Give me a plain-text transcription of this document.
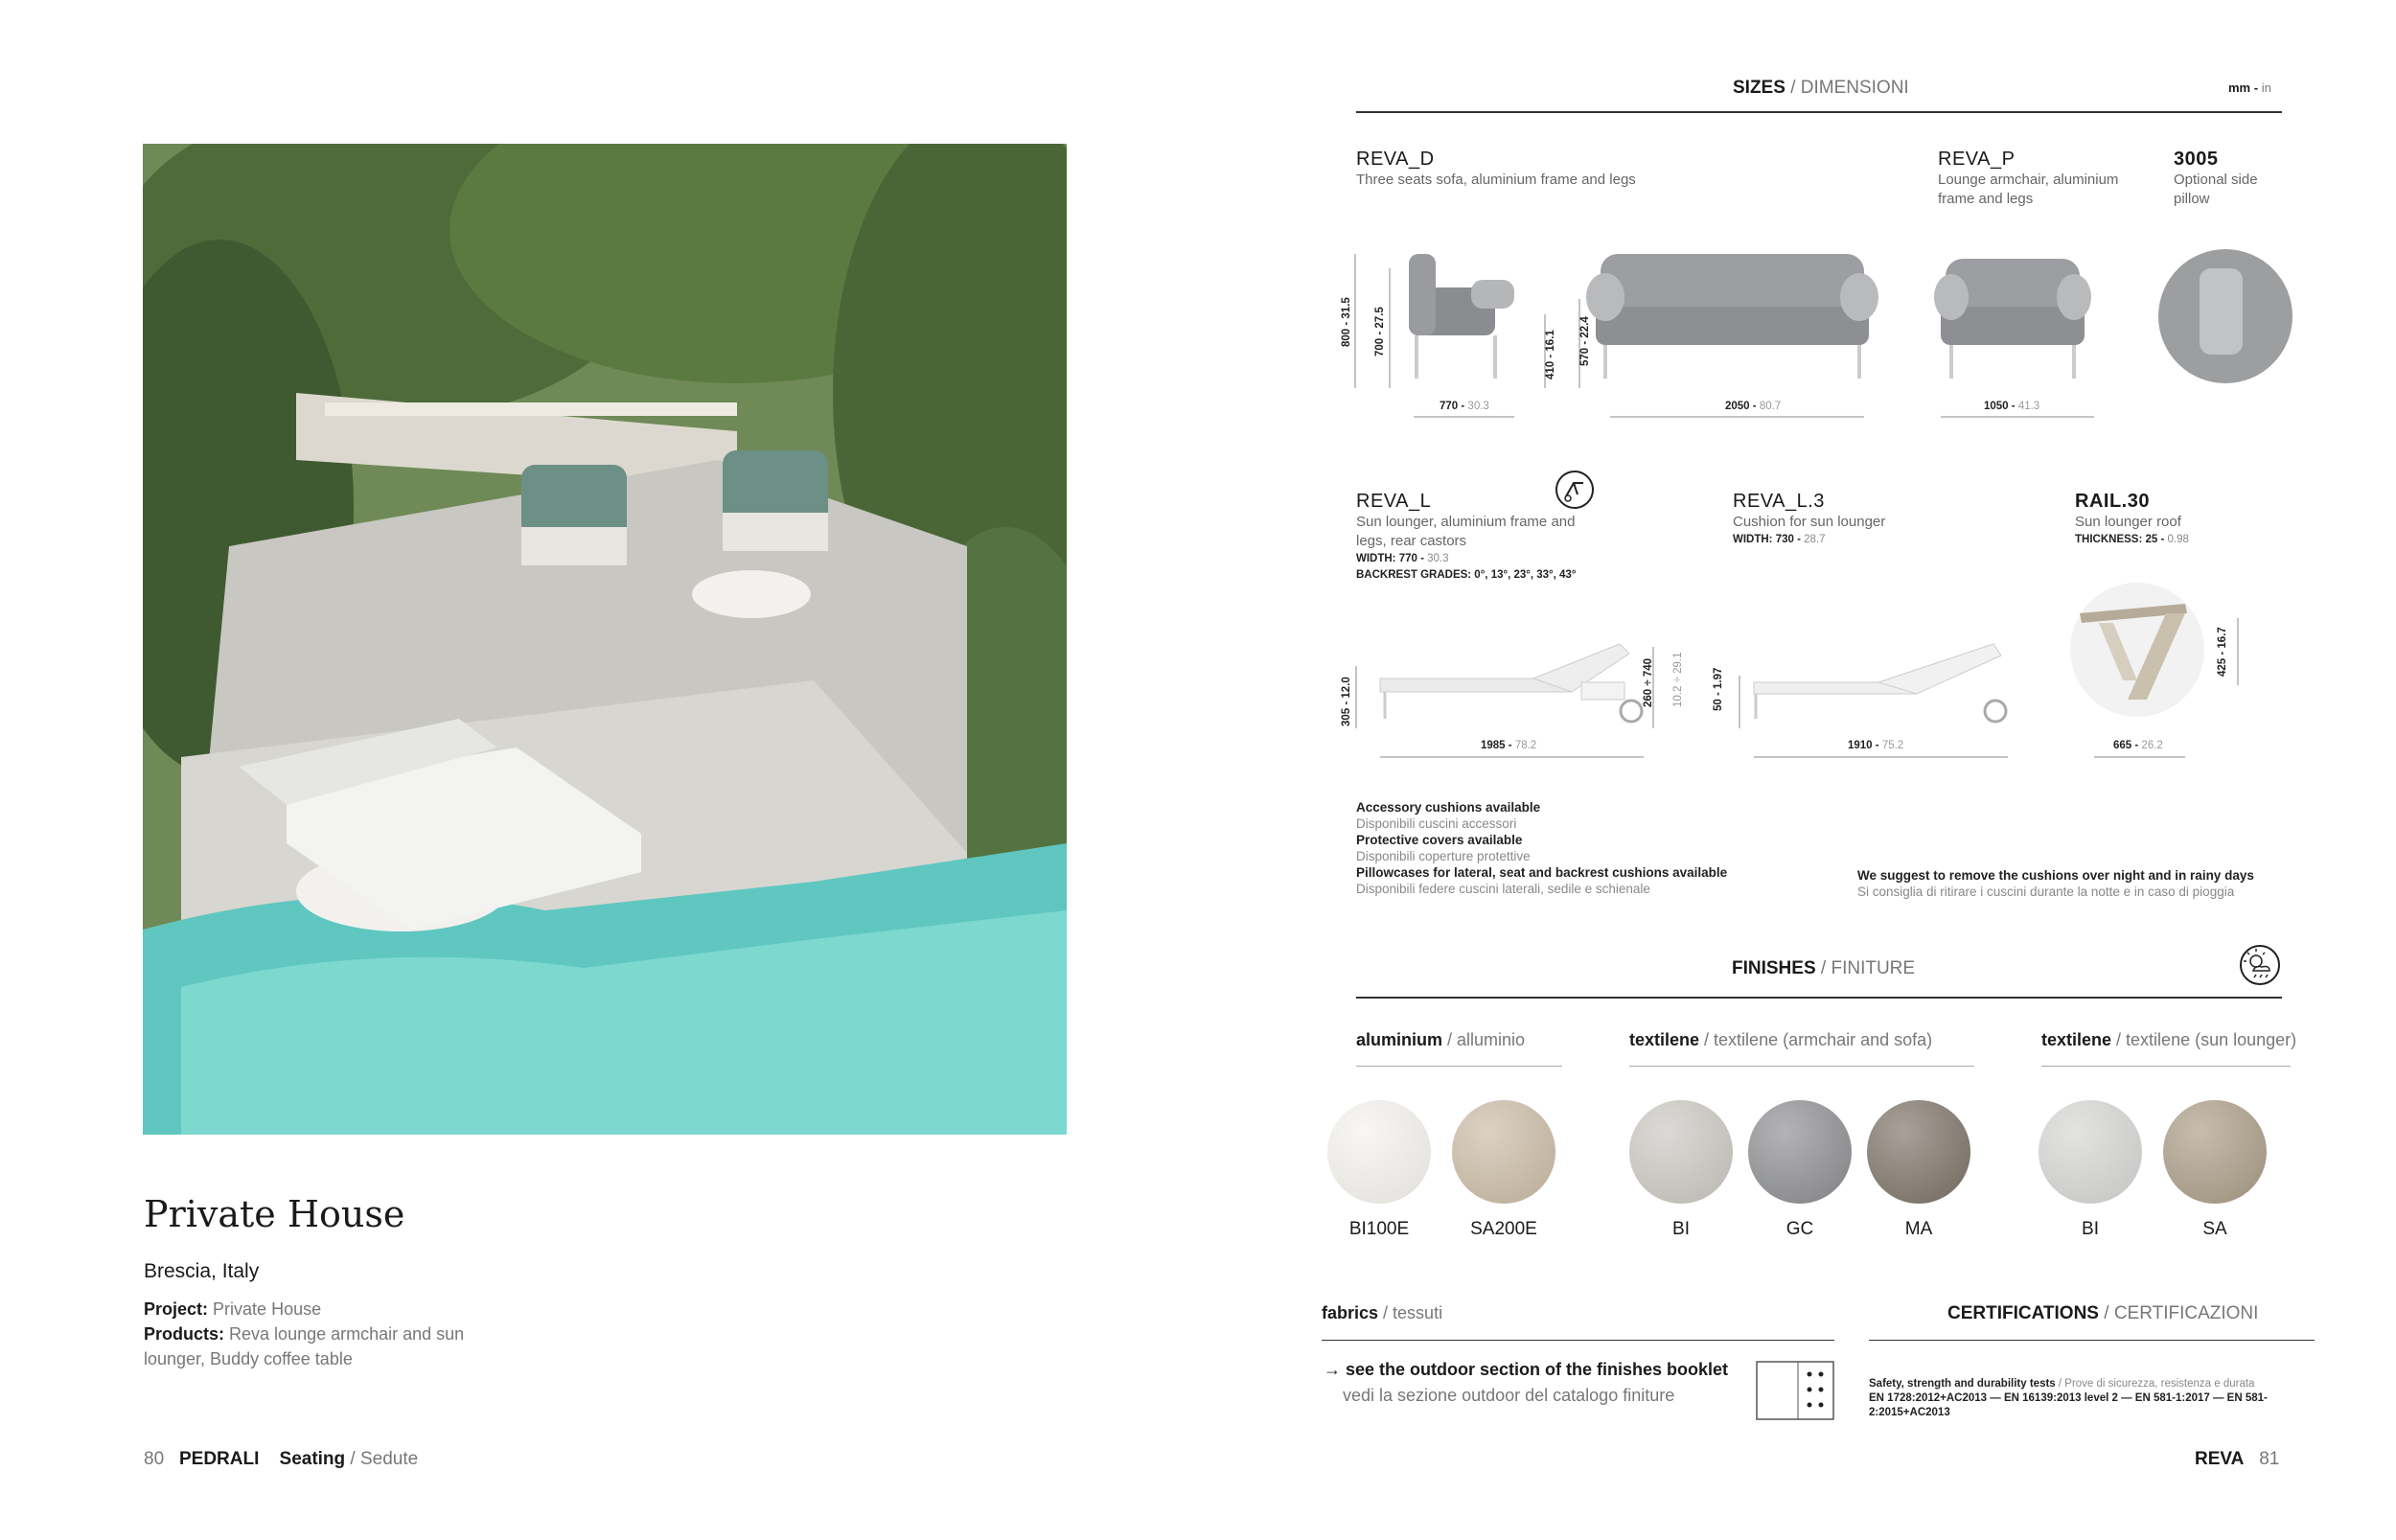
Private House
Brescia, Italy
Project: Private House
Products: Reva lounge armchair and sun lounger, Buddy coffee table
80 PEDRALI Seating / Sedute
SIZES / DIMENSIONI	mm - in
REVA_D
Three seats sofa, aluminium frame and legs
REVA_P
Lounge armchair, aluminium frame and legs
3005
Optional side pillow
800 - 31.5 700 - 27.5	410 - 16.1 570 - 22.4
770 - 30.3	2050 - 80.7	1050 - 41.3
REVA_L
Sun lounger, aluminium frame and legs, rear castors
WIDTH: 770 - 30.3
BACKREST GRADES: 0°, 13°, 23°, 33°, 43°
REVA_L.3
Cushion for sun lounger
WIDTH: 730 - 28.7
RAIL.30
Sun lounger roof
THICKNESS: 25 - 0.98
305 - 12.0	260 ÷ 740 10.2 ÷ 29.1	50 - 1.97
425 - 16.7
1985 - 78.2	1910 - 75.2	665 - 26.2
Accessory cushions available
Disponibili cuscini accessori
Protective covers available
Disponibili coperture protettive
Pillowcases for lateral, seat and backrest cushions available
Disponibili federe cuscini laterali, sedile e schienale
We suggest to remove the cushions over night and in rainy days
Si consiglia di ritirare i cuscini durante la notte e in caso di pioggia
FINISHES / FINITURE
aluminium / alluminio	textilene / textilene (armchair and sofa)	textilene / textilene (sun lounger)
BI100E	SA200E	BI	GC	MA	BI	SA
fabrics / tessuti
→ see the outdoor section of the finishes booklet
vedi la sezione outdoor del catalogo finiture
CERTIFICATIONS / CERTIFICAZIONI
Safety, strength and durability tests / Prove di sicurezza, resistenza e durata
EN 1728:2012+AC2013 — EN 16139:2013 level 2 — EN 581-1:2017 — EN 581-2:2015+AC2013
REVA 81
